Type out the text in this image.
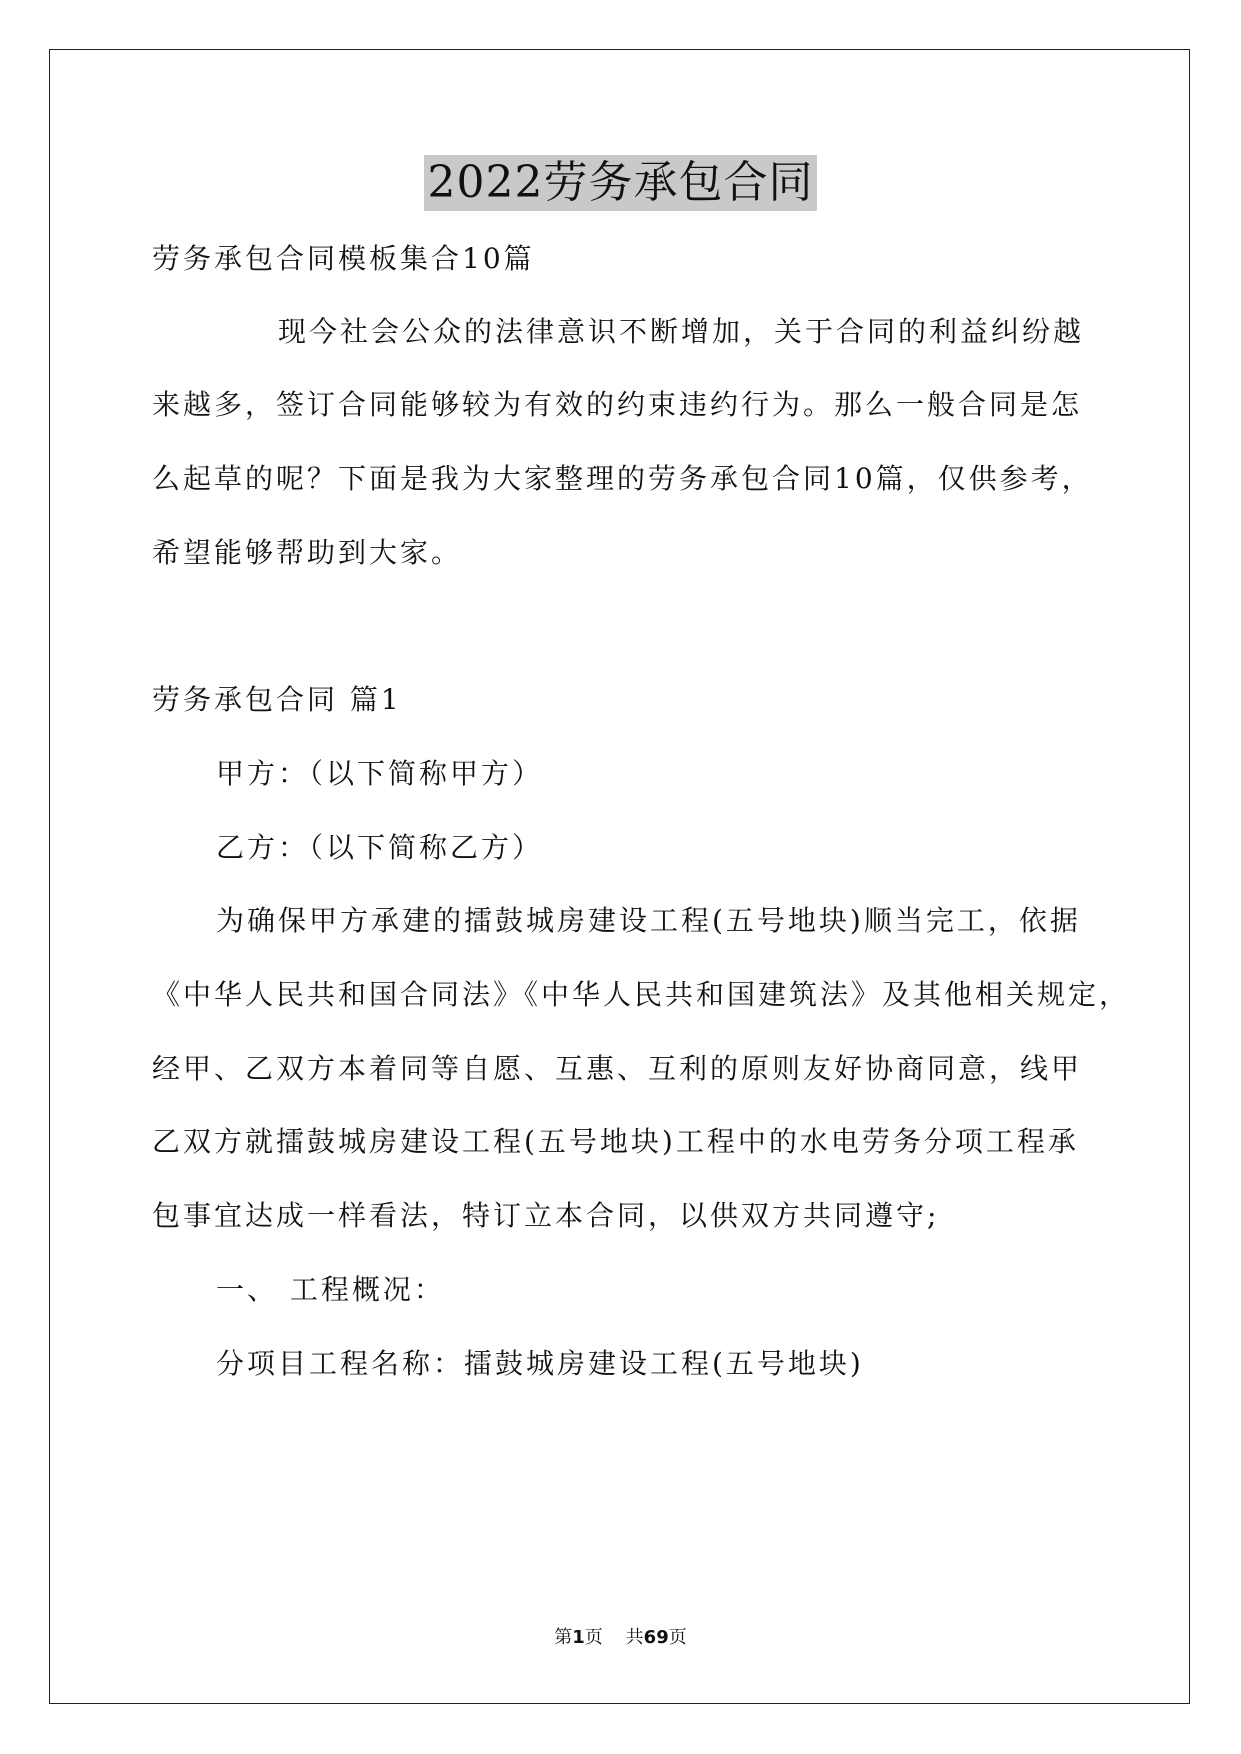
2022劳务承包合同
劳务承包合同模板集合10篇
现今社会公众的法律意识不断增加，关于合同的利益纠纷越
来越多，签订合同能够较为有效的约束违约行为。那么一般合同是怎
么起草的呢？下面是我为大家整理的劳务承包合同10篇，仅供参考，
希望能够帮助到大家。
劳务承包合同 篇1
甲方：（以下简称甲方）
乙方：（以下简称乙方）
为确保甲方承建的擂鼓城房建设工程(五号地块)顺当完工，依据
《中华人民共和国合同法》《中华人民共和国建筑法》及其他相关规定，
经甲、乙双方本着同等自愿、互惠、互利的原则友好协商同意，线甲
乙双方就擂鼓城房建设工程(五号地块)工程中的水电劳务分项工程承
包事宜达成一样看法，特订立本合同，以供双方共同遵守;
一、 工程概况：
分项目工程名称：擂鼓城房建设工程(五号地块)
第1页    共69页
